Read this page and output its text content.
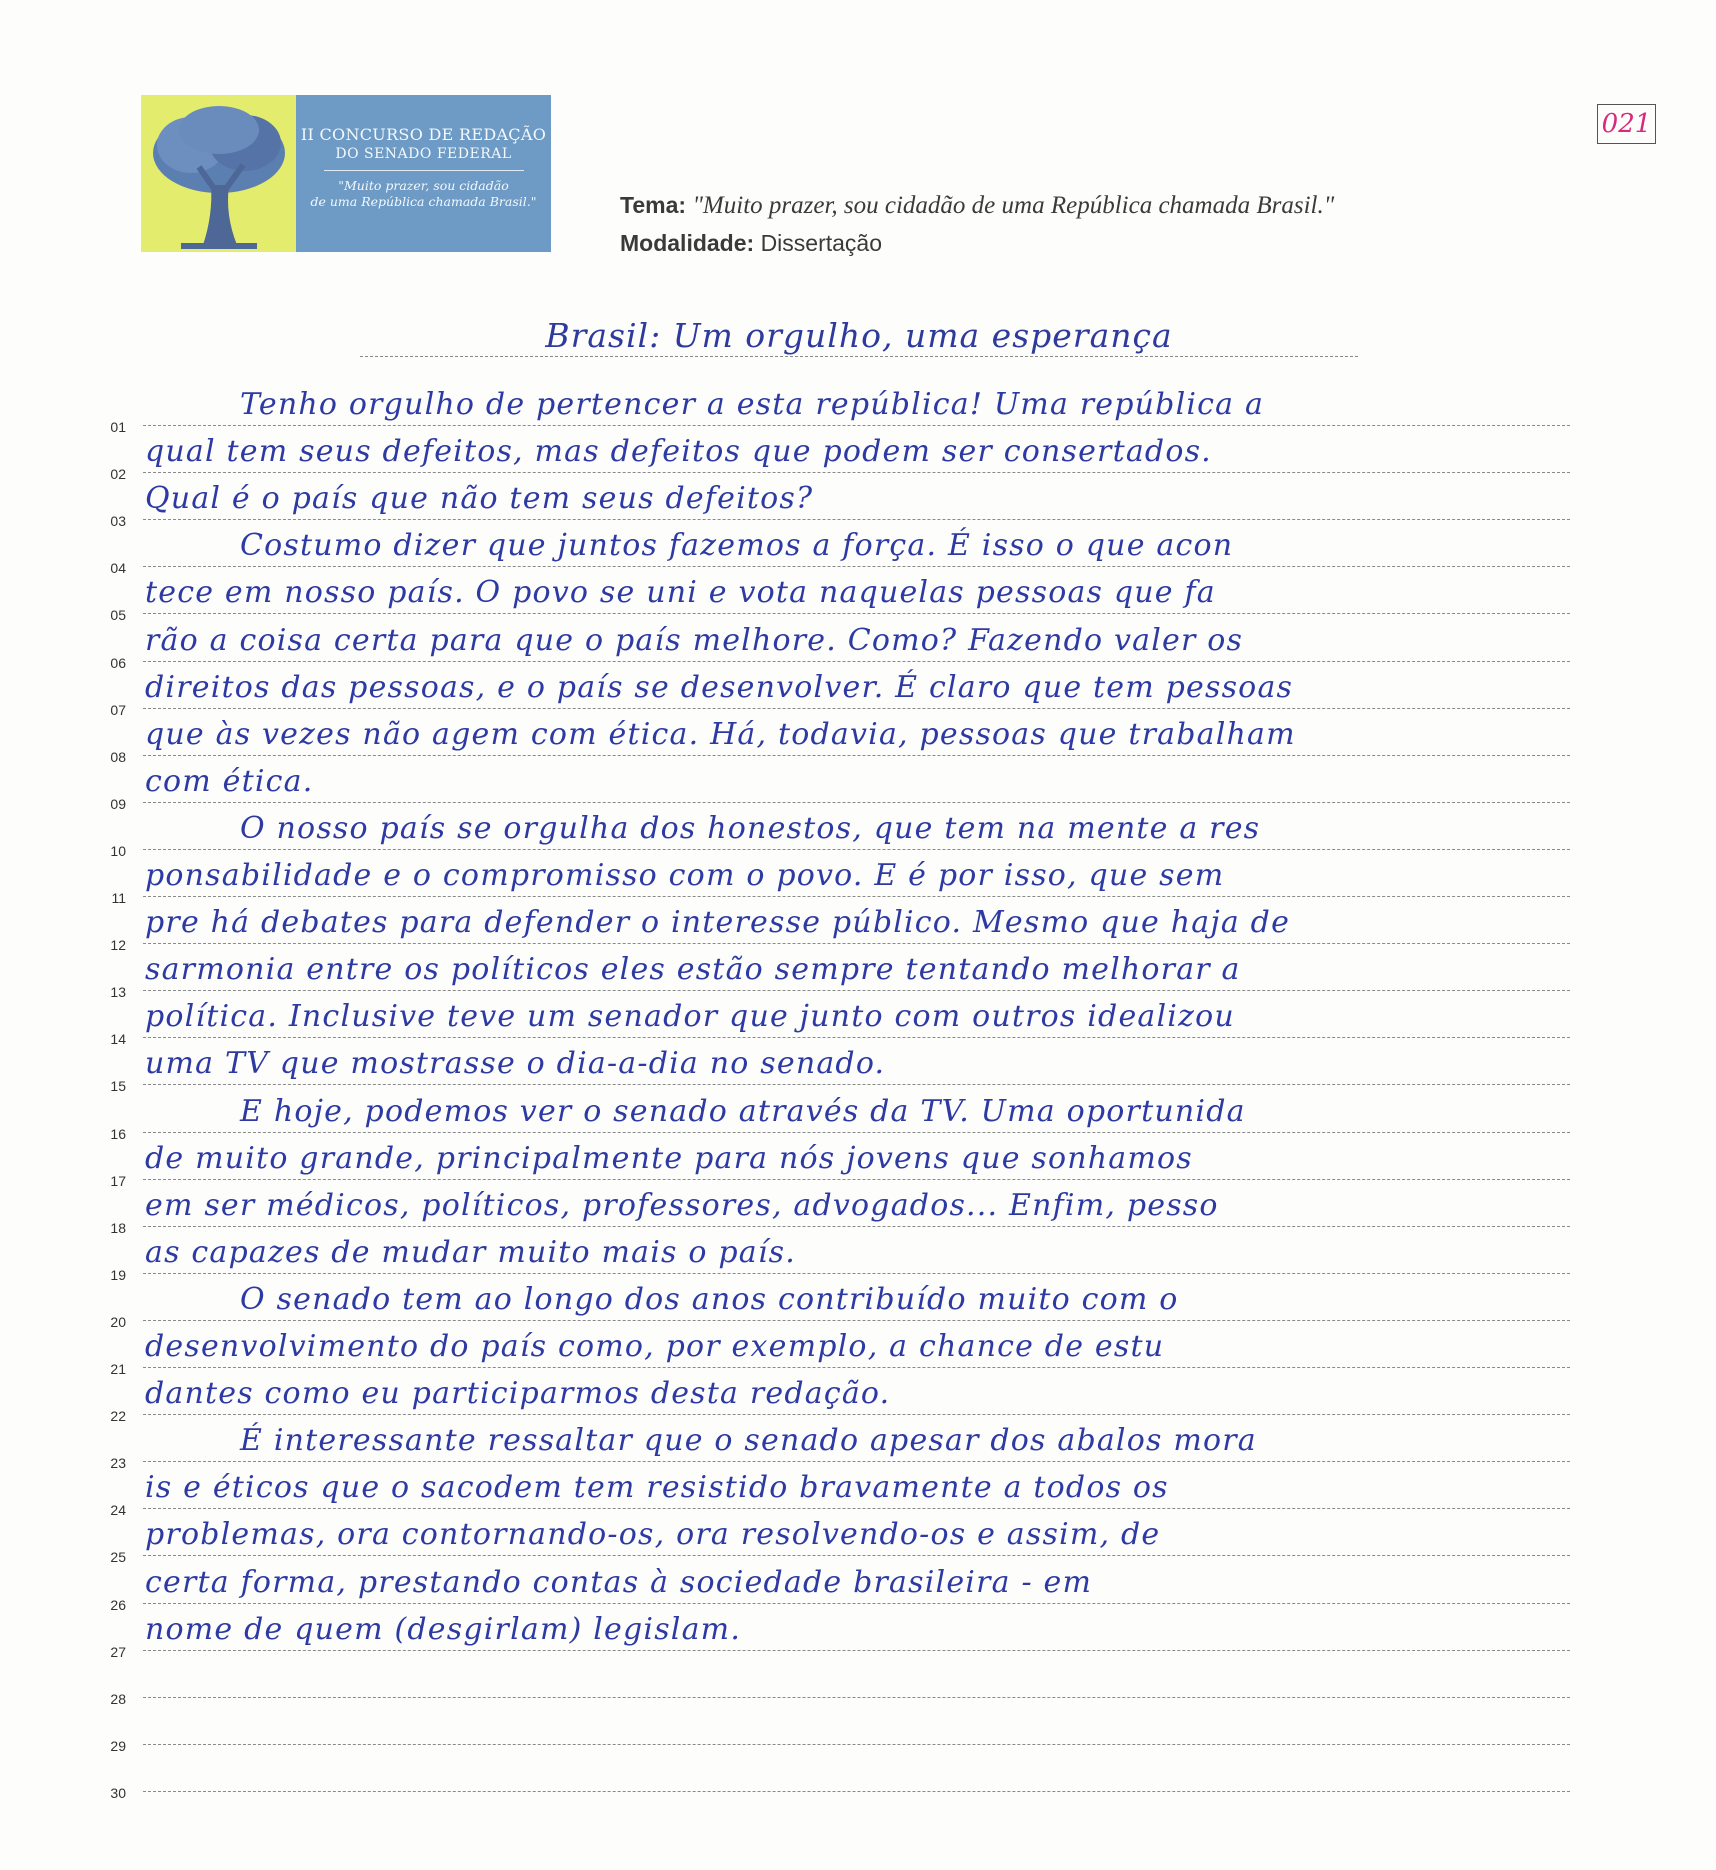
II CONCURSO DE REDAÇÃO
DO SENADO FEDERAL
"Muito prazer, sou cidadão
de uma República chamada Brasil."
021
Tema: "Muito prazer, sou cidadão de uma República chamada Brasil."
Modalidade: Dissertação
Brasil: Um orgulho, uma esperança
01
Tenho orgulho de pertencer a esta república! Uma república a
02
qual tem seus defeitos, mas defeitos que podem ser consertados.
03
Qual é o país que não tem seus defeitos?
04
Costumo dizer que juntos fazemos a força. É isso o que acon
05
tece em nosso país. O povo se uni e vota naquelas pessoas que fa
06
rão a coisa certa para que o país melhore. Como? Fazendo valer os
07
direitos das pessoas, e o país se desenvolver. É claro que tem pessoas
08
que às vezes não agem com ética. Há, todavia, pessoas que trabalham
09
com ética.
10
O nosso país se orgulha dos honestos, que tem na mente a res
11
ponsabilidade e o compromisso com o povo. E é por isso, que sem
12
pre há debates para defender o interesse público. Mesmo que haja de
13
sarmonia entre os políticos eles estão sempre tentando melhorar a
14
política. Inclusive teve um senador que junto com outros idealizou
15
uma TV que mostrasse o dia-a-dia no senado.
16
E hoje, podemos ver o senado através da TV. Uma oportunida
17
de muito grande, principalmente para nós jovens que sonhamos
18
em ser médicos, políticos, professores, advogados... Enfim, pesso
19
as capazes de mudar muito mais o país.
20
O senado tem ao longo dos anos contribuído muito com o
21
desenvolvimento do país como, por exemplo, a chance de estu
22
dantes como eu participarmos desta redação.
23
É interessante ressaltar que o senado apesar dos abalos mora
24
is e éticos que o sacodem tem resistido bravamente a todos os
25
problemas, ora contornando-os, ora resolvendo-os e assim, de
26
certa forma, prestando contas à sociedade brasileira - em
27
nome de quem (desgirlam) legislam.
28
29
30
